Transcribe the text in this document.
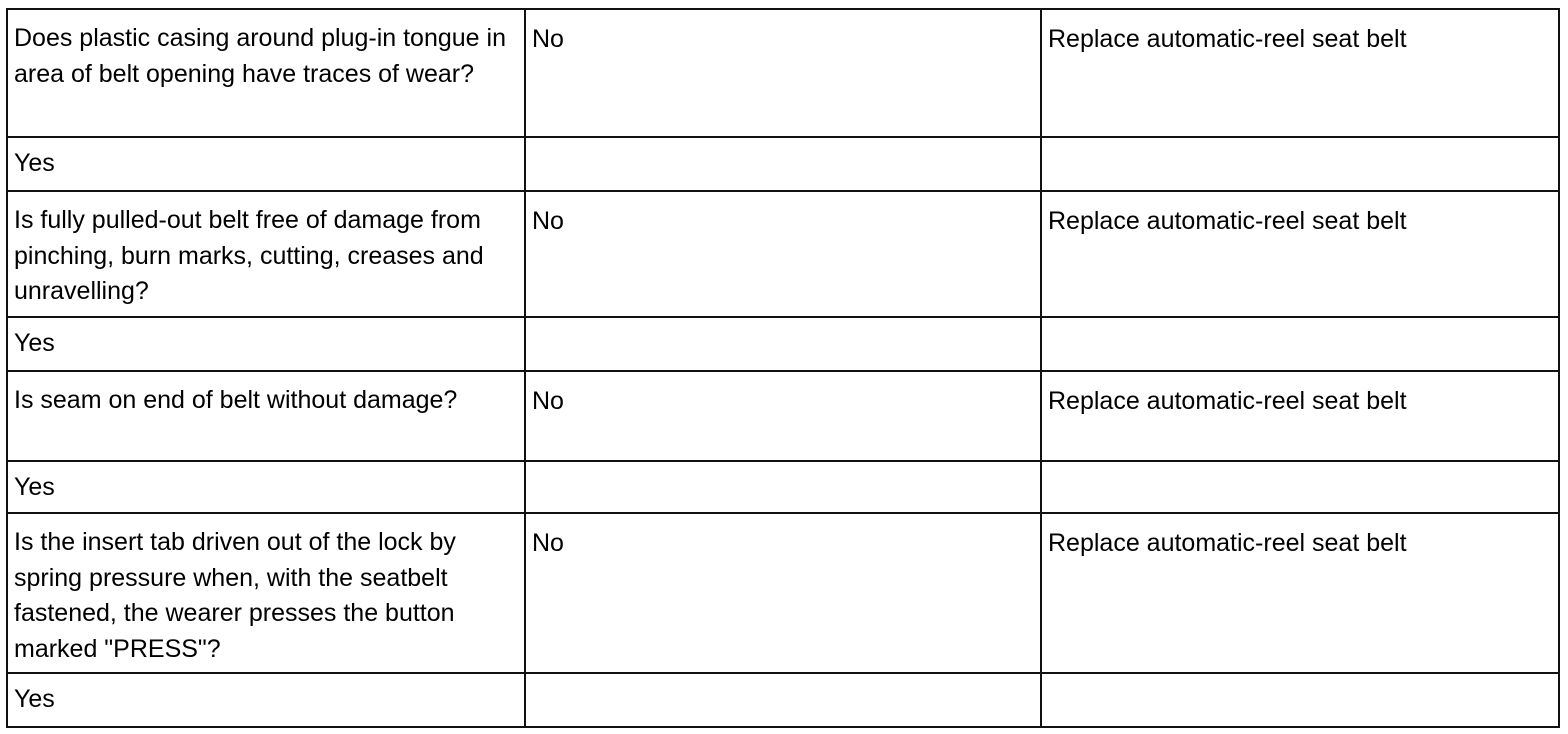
Does plastic casing around plug-in tongue in area of belt opening have traces of wear?	No	Replace automatic-reel seat belt
Yes		
Is fully pulled-out belt free of damage from pinching, burn marks, cutting, creases and unravelling?	No	Replace automatic-reel seat belt
Yes		
Is seam on end of belt without damage?	No	Replace automatic-reel seat belt
Yes		
Is the insert tab driven out of the lock by spring pressure when, with the seatbelt fastened, the wearer presses the button marked "PRESS"?	No	Replace automatic-reel seat belt
Yes		
